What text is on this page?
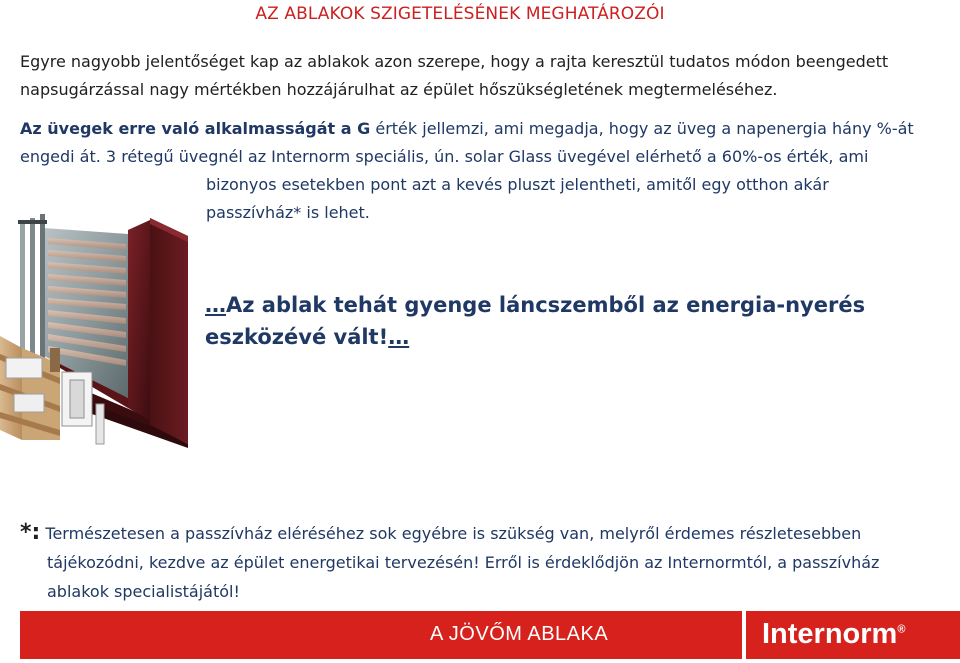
AZ ABLAKOK SZIGETELÉSÉNEK MEGHATÁROZÓI
Egyre nagyobb jelentőséget kap az ablakok azon szerepe, hogy a rajta keresztül tudatos módon beengedett napsugárzással nagy mértékben hozzájárulhat az épület hőszükségletének megtermeléséhez.
Az üvegek erre való alkalmasságát a G érték jellemzi, ami megadja, hogy az üveg a napenergia hány %-át
engedi át. 3 rétegű üvegnél az Internorm speciális, ún. solar Glass üvegével elérhető a 60%-os érték, ami
bizonyos esetekben pont azt a kevés pluszt jelentheti, amitől egy otthon akár
passzívház* is lehet.
…Az ablak tehát gyenge láncszemből az energia-nyerés eszközévé vált!…
*: Természetesen a passzívház eléréséhez sok egyébre is szükség van, melyről érdemes részletesebben
tájékozódni, kezdve az épület energetikai tervezésén! Erről is érdeklődjön az Internormtól, a passzívház
ablakok specialistájától!
A JÖVŐM ABLAKA	Internorm®
